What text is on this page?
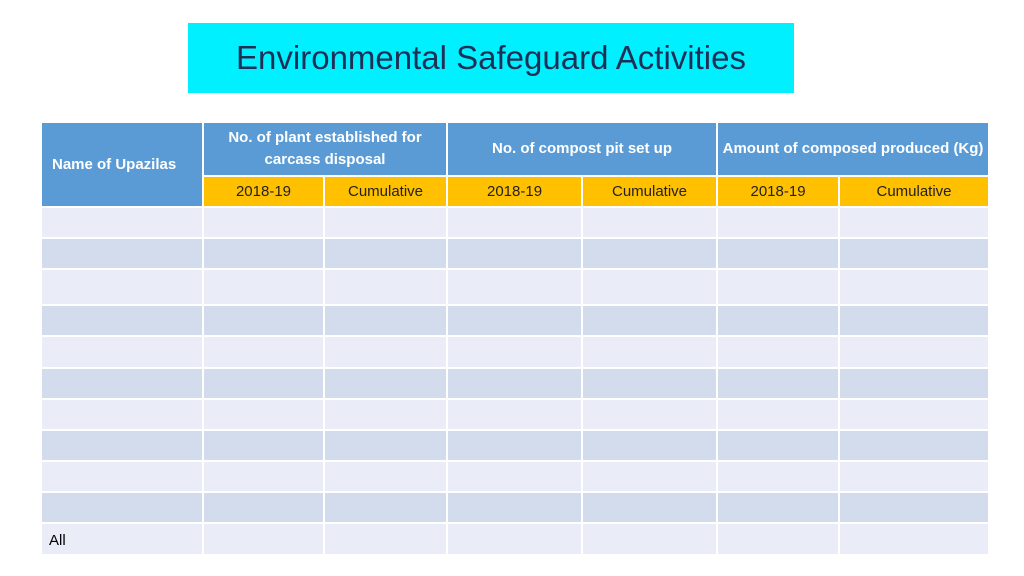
Environmental Safeguard Activities
Name of Upazilas	No. of plant established for carcass disposal		No. of compost pit set up		Amount of composed produced (Kg)	
	2018-19	Cumulative	2018-19	Cumulative	2018-19	Cumulative

All						
